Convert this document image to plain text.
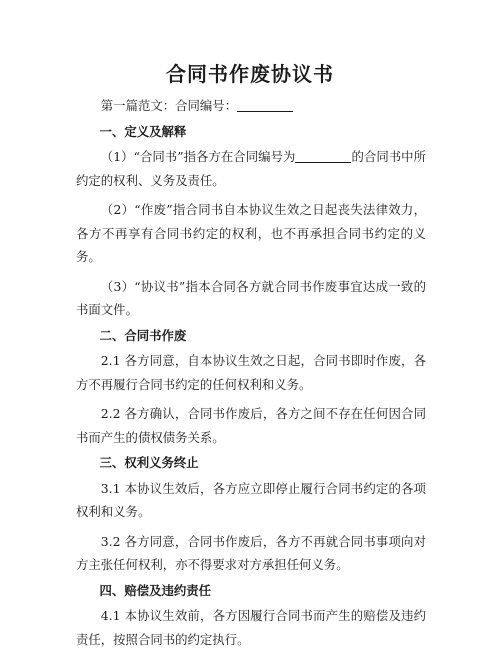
合同书作废协议书

第一篇范文：合同编号：

一、定义及解释

（1）“合同书”指各方在合同编号为	的合同书中所约定的权利、义务及责任。

（2）“作废”指合同书自本协议生效之日起丧失法律效力，各方不再享有合同书约定的权利，也不再承担合同书约定的义务。

（3）“协议书”指本合同各方就合同书作废事宜达成一致的书面文件。

二、合同书作废

2.1 各方同意，自本协议生效之日起，合同书即时作废，各方不再履行合同书约定的任何权利和义务。

2.2 各方确认，合同书作废后，各方之间不存在任何因合同书而产生的债权债务关系。

三、权利义务终止

3.1 本协议生效后，各方应立即停止履行合同书约定的各项权利和义务。

3.2 各方同意，合同书作废后，各方不再就合同书事项向对方主张任何权利，亦不得要求对方承担任何义务。

四、赔偿及违约责任

4.1 本协议生效前，各方因履行合同书而产生的赔偿及违约责任，按照合同书的约定执行。
